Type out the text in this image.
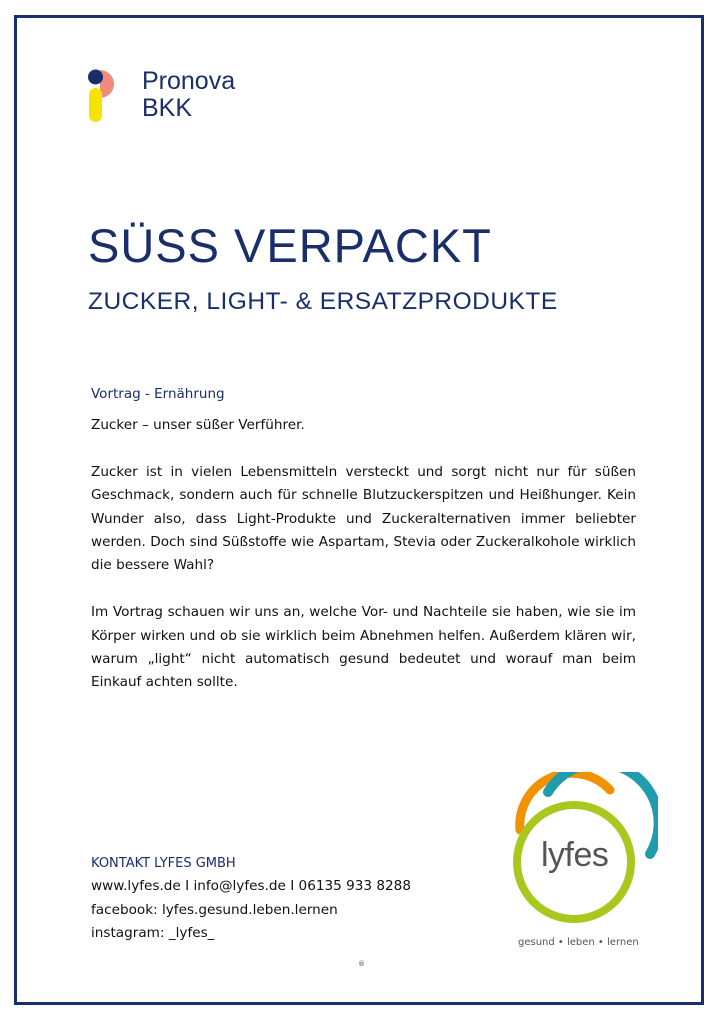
Pronova
BKK
SÜSS VERPACKT
ZUCKER, LIGHT- & ERSATZPRODUKTE
Vortrag - Ernährung

Zucker – unser süßer Verführer.

Zucker ist in vielen Lebensmitteln versteckt und sorgt nicht nur für süßen Geschmack, sondern auch für schnelle Blutzuckerspitzen und Heißhunger. Kein Wunder also, dass Light-Produkte und Zuckeralternativen immer beliebter werden. Doch sind Süßstoffe wie Aspartam, Stevia oder Zuckeralkohole wirklich die bessere Wahl?

Im Vortrag schauen wir uns an, welche Vor- und Nachteile sie haben, wie sie im Körper wirken und ob sie wirklich beim Abnehmen helfen. Außerdem klären wir, warum „light“ nicht automatisch gesund bedeutet und worauf man beim Einkauf achten sollte.

KONTAKT LYFES GMBH
www.lyfes.de I info@lyfes.de I 06135 933 8288
facebook: lyfes.gesund.leben.lernen
instagram: _lyfes_
lyfes
gesund • leben • lernen
®
